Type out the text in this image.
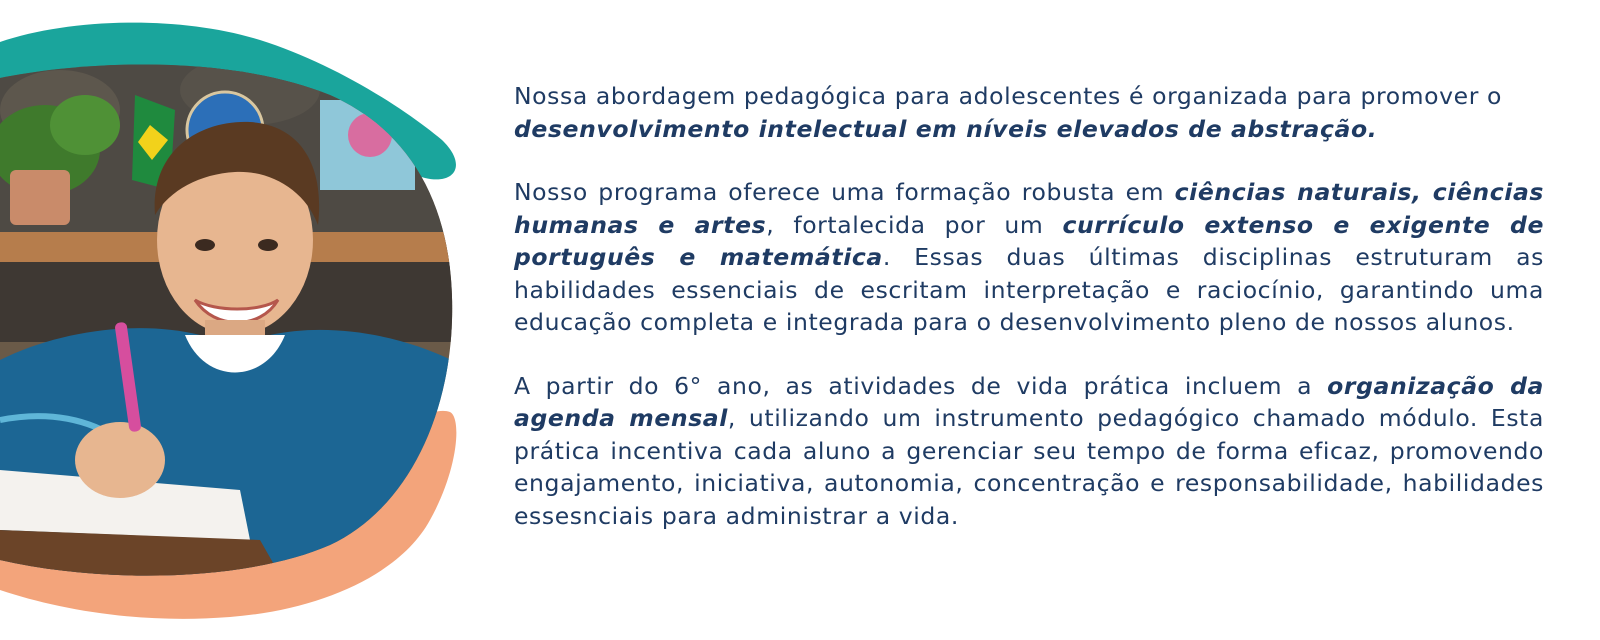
Nossa abordagem pedagógica para adolescentes é organizada para promover o desenvolvimento intelectual em níveis elevados de abstração.

Nosso programa oferece uma formação robusta em ciências naturais, ciências humanas e artes, fortalecida por um currículo extenso e exigente de português e matemática. Essas duas últimas disciplinas estruturam as habilidades essenciais de escritam interpretação e raciocínio, garantindo uma educação completa e integrada para o desenvolvimento pleno de nossos alunos.

A partir do 6° ano, as atividades de vida prática incluem a organização da agenda mensal, utilizando um instrumento pedagógico chamado módulo. Esta prática incentiva cada aluno a gerenciar seu tempo de forma eficaz, promovendo engajamento, iniciativa, autonomia, concentração e responsabilidade, habilidades essesnciais para administrar a vida.
